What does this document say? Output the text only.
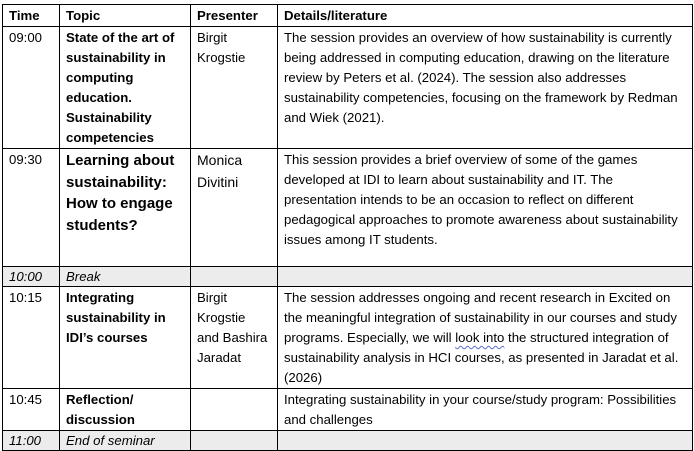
Time	Topic	Presenter	Details/literature
09:00	State of the art of sustainability in computing education. Sustainability competencies	Birgit Krogstie	The session provides an overview of how sustainability is currently being addressed in computing education, drawing on the literature review by Peters et al. (2024). The session also addresses sustainability competencies, focusing on the framework by Redman and Wiek (2021).
09:30	Learning about sustainability: How to engage students?	Monica Divitini	This session provides a brief overview of some of the games developed at IDI to learn about sustainability and IT. The presentation intends to be an occasion to reflect on different pedagogical approaches to promote awareness about sustainability issues among IT students.
10:00	Break		
10:15	Integrating sustainability in IDI’s courses	Birgit Krogstie and Bashira Jaradat	The session addresses ongoing and recent research in Excited on the meaningful integration of sustainability in our courses and study programs. Especially, we will look into the structured integration of sustainability analysis in HCI courses, as presented in Jaradat et al. (2026)
10:45	Reflection/ discussion		Integrating sustainability in your course/study program: Possibilities and challenges
11:00	End of seminar		
